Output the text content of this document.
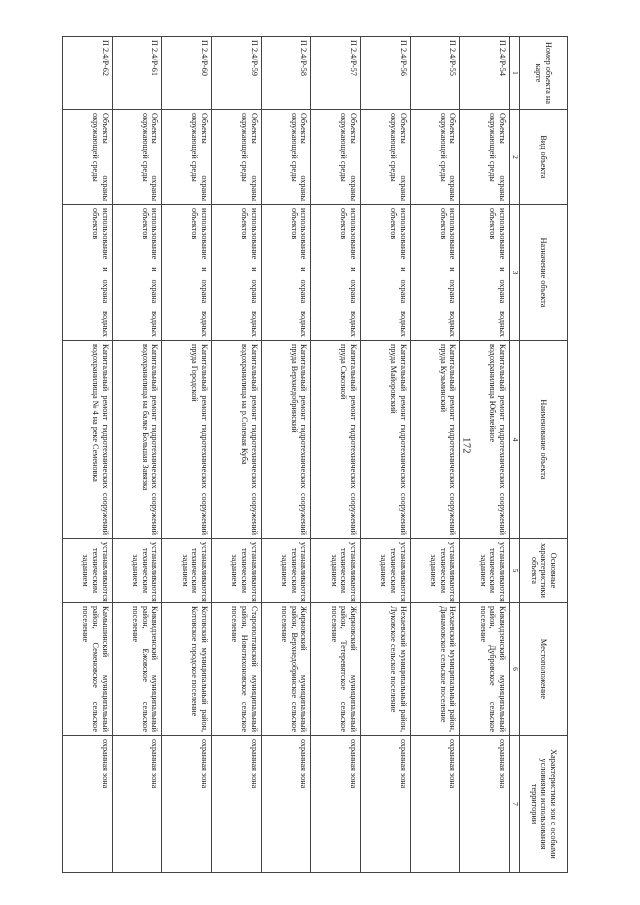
172
Номер объекта на карте	Вид объекта	Назначение объекта	Наименование объекта	Основные характеристики объекта	Местоположение	Характеристики зон с особыми условиями использования территории
1	2	3	4	5	6	7
П 2.4/Р-54	Объекты охраны окружающей среды	использование и охрана водных объектов	Капитальный ремонт гидротехнических сооружений водохранилища Юбилейное	устанавливаются техническим заданием	Киквидзенский муниципальный район, Дубровское сельское поселение	охранная зона
П 2.4/Р-55	Объекты охраны окружающей среды	использование и охрана водных объектов	Капитальный ремонт гидротехнических сооружений пруда Кузьминский	устанавливаются техническим заданием	Нехаевский муниципальный район, Динамовское сельское поселение	охранная зона
П 2.4/Р-56	Объекты охраны окружающей среды	использование и охрана водных объектов	Капитальный ремонт гидротехнических сооружений пруда Майоровский	устанавливаются техническим заданием	Нехаевский муниципальный район, Луковское сельское поселение	охранная зона
П 2.4/Р-57	Объекты охраны окружающей среды	использование и охрана водных объектов	Капитальный ремонт гидротехнических сооружений пруда Сквозной	устанавливаются техническим заданием	Жирновский муниципальный район, Тетеревятское сельское поселение	охранная зона
П 2.4/Р-58	Объекты охраны окружающей среды	использование и охрана водных объектов	Капитальный ремонт гидротехнических сооружений пруда Верхнедобринский	устанавливаются техническим заданием	Жирновский муниципальный район, Верхнедобринское сельское поселение	охранная зона
П 2.4/Р-59	Объекты охраны окружающей среды	использование и охрана водных объектов	Капитальный ремонт гидротехнических сооружений водохранилища на р.Соленая Куба	устанавливаются техническим заданием	Старополтавский муниципальный район, Новотихоновское сельское поселение	охранная зона
П 2.4/Р-60	Объекты охраны окружающей среды	использование и охрана водных объектов	Капитальный ремонт гидротехнических сооружений пруда Городской	устанавливаются техническим заданием	Котовский муниципальный район, Котовское городское поселение	охранная зона
П 2.4/Р-61	Объекты охраны окружающей среды	использование и охрана водных объектов	Капитальный ремонт гидротехнических сооружений водохранилища на балке Большая Завязка	устанавливаются техническим заданием	Киквидзенский муниципальный район, Ежовское сельское поселение	охранная зона
П 2.4/Р-62	Объекты охраны окружающей среды	использование и охрана водных объектов	Капитальный ремонт гидротехнических сооружений водохранилища № 4 на реке Семеновка	устанавливаются техническим заданием	Камышинский муниципальный район, Семеновское сельское поселение	охранная зона
